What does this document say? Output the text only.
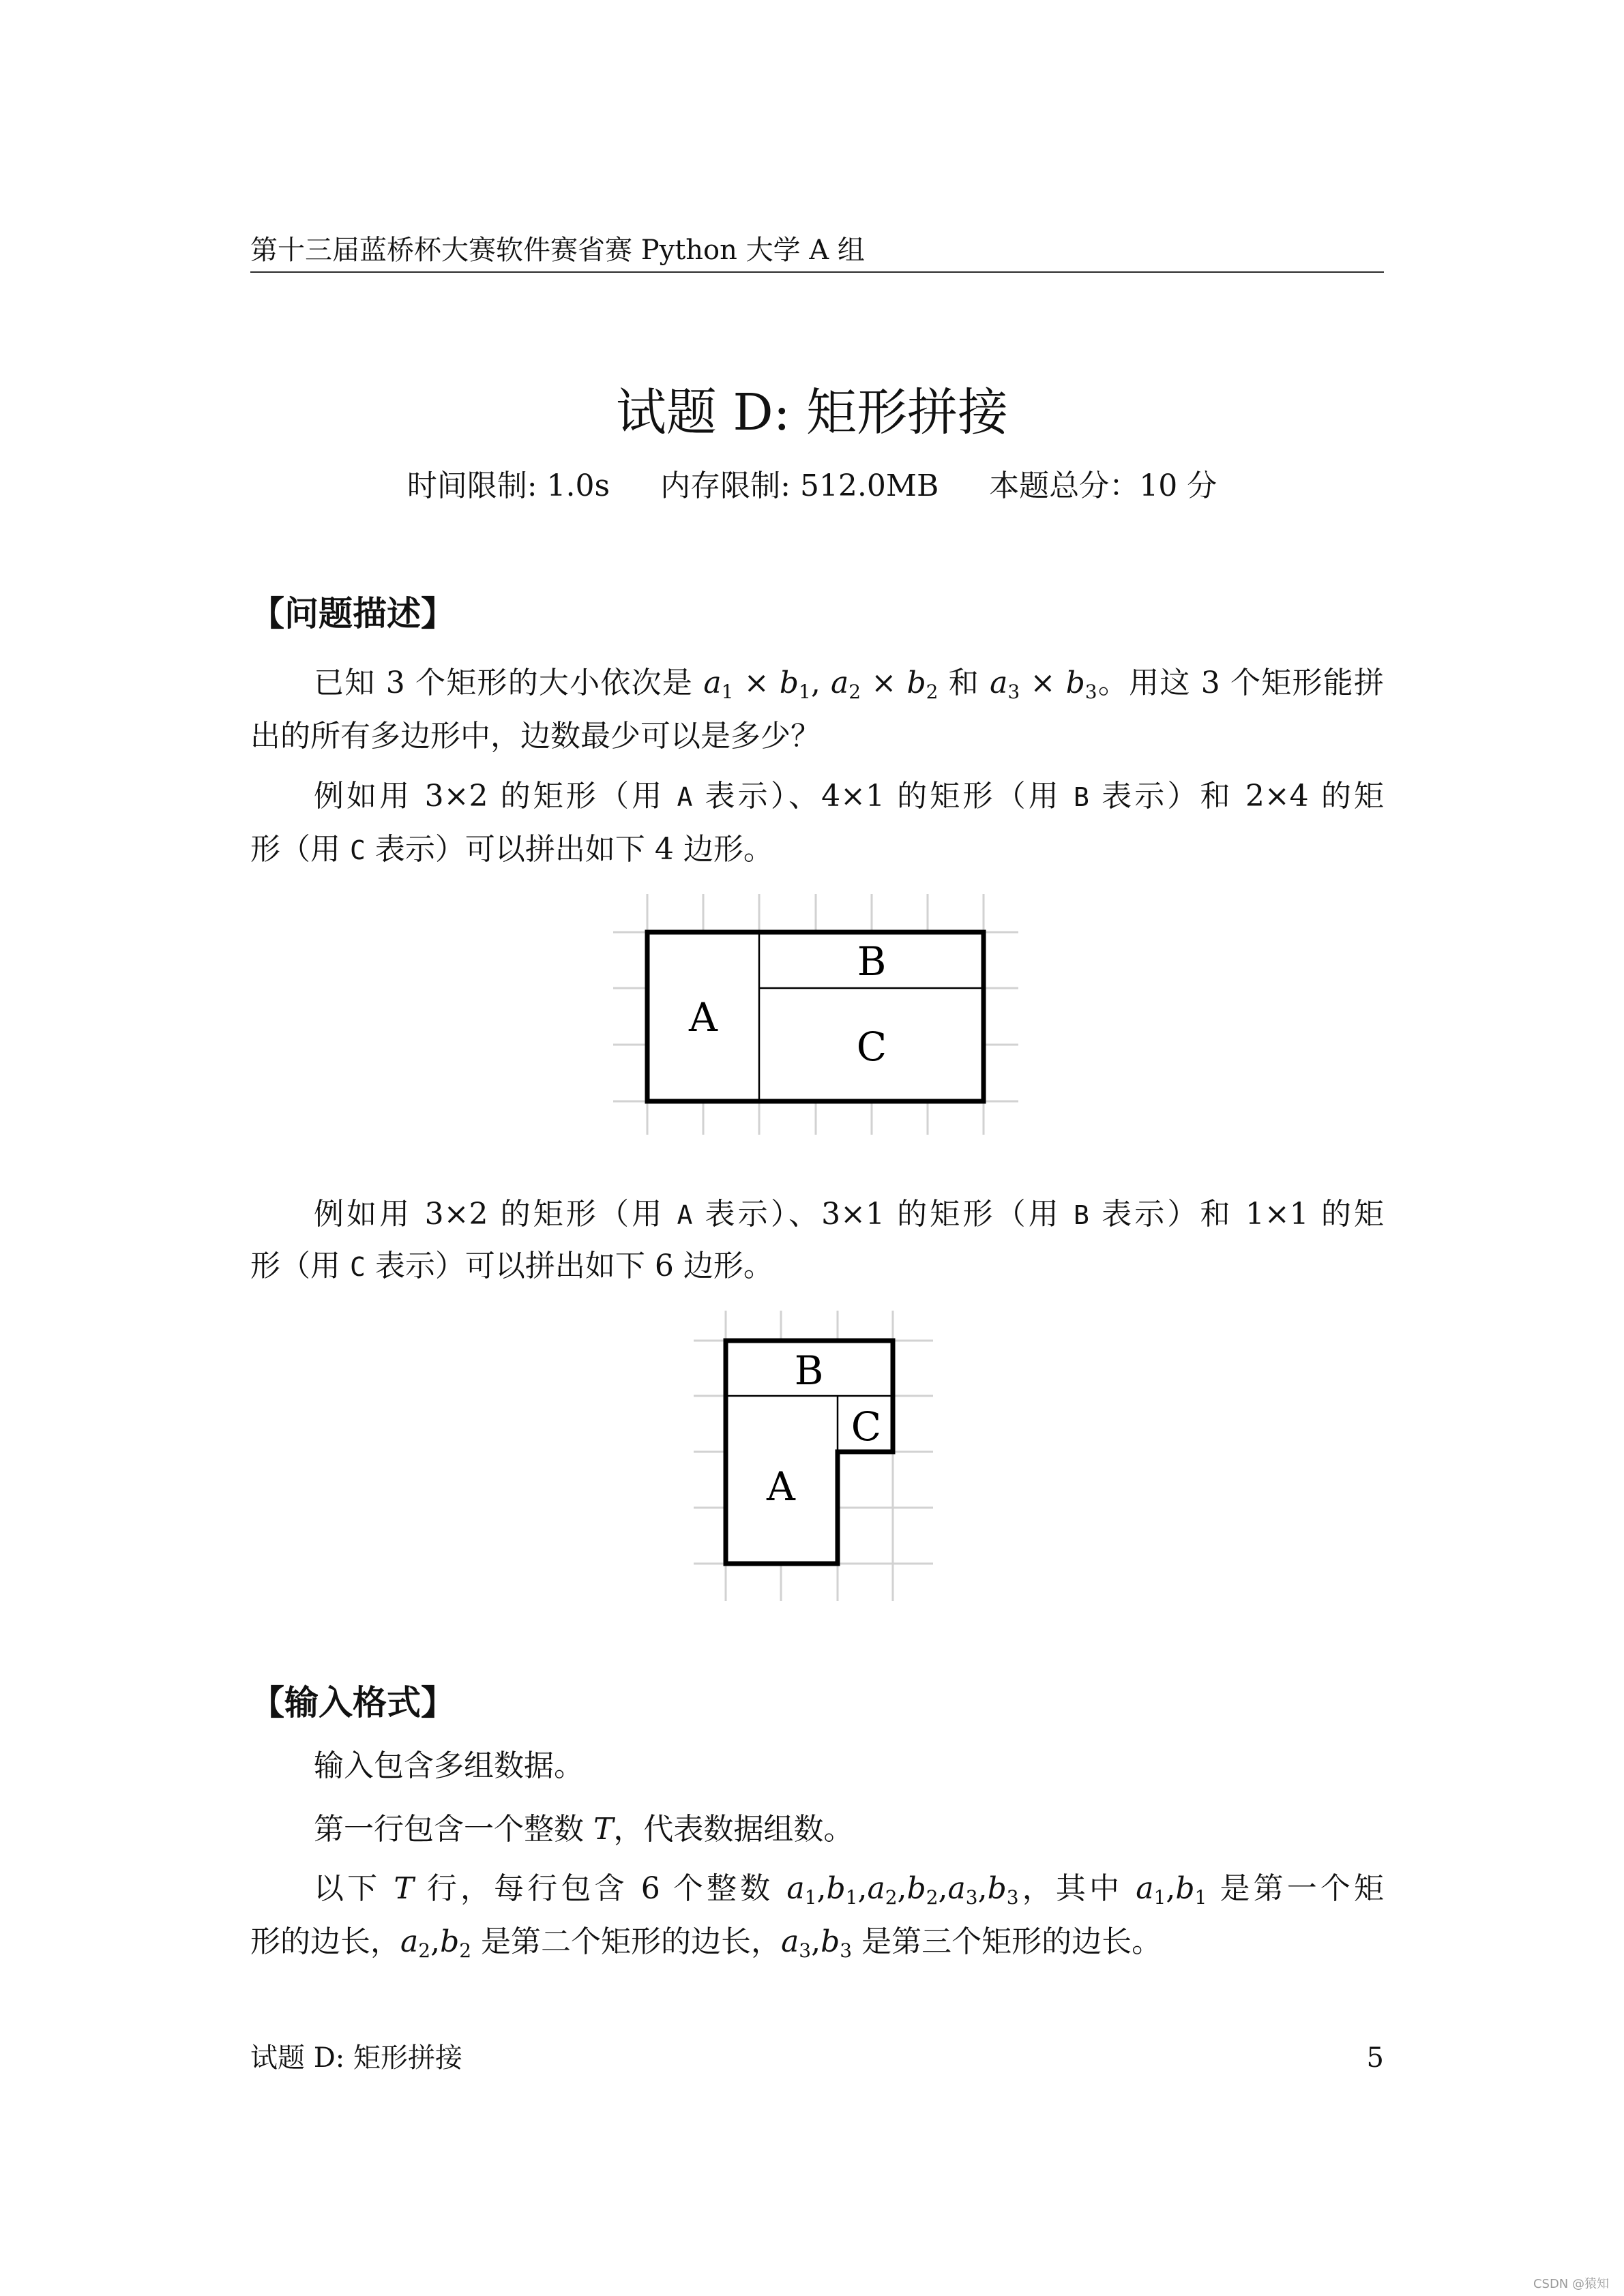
第十三届蓝桥杯大赛软件赛省赛 Python 大学 A 组
试题 D: 矩形拼接
时间限制: 1.0s 内存限制: 512.0MB 本题总分：10 分
【问题描述】
已知 3 个矩形的大小依次是 $a_1 \times b_1$, $a_2 \times b_2$ 和 $a_3 \times b_3$。用这 3 个矩形能拼
出的所有多边形中，边数最少可以是多少？
例如用 3×2 的矩形（用 A 表示）、4×1 的矩形（用 B 表示）和 2×4 的矩
形（用 C 表示）可以拼出如下 4 边形。
A
B
C
例如用 3×2 的矩形（用 A 表示）、3×1 的矩形（用 B 表示）和 1×1 的矩
形（用 C 表示）可以拼出如下 6 边形。
B
C
A
【输入格式】
输入包含多组数据。
第一行包含一个整数 T，代表数据组数。
以下 T 行，每行包含 6 个整数 $a_1,b_1,a_2,b_2,a_3,b_3$，其中 $a_1,b_1$ 是第一个矩
形的边长，$a_2,b_2$ 是第二个矩形的边长，$a_3,b_3$ 是第三个矩形的边长。
试题 D: 矩形拼接	5
CSDN @猿知
